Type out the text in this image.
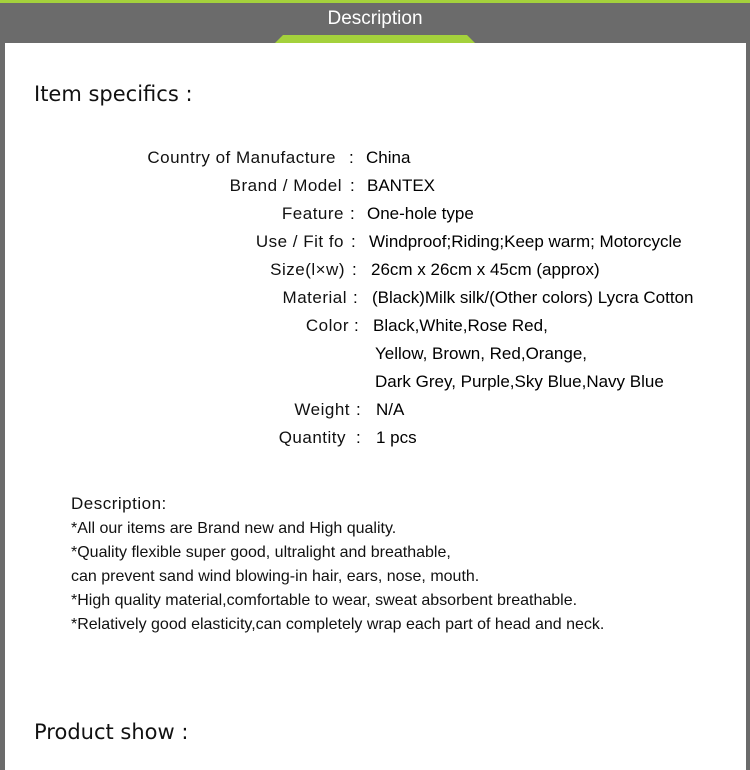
Description
Item specifics :
Country of Manufacture : China
Brand / Model : BANTEX
Feature : One-hole type
Use / Fit fo : Windproof;Riding;Keep warm; Motorcycle
Size(l×w) : 26cm x 26cm x 45cm (approx)
Material : (Black)Milk silk/(Other colors) Lycra Cotton
Color : Black,White,Rose Red,
Yellow, Brown, Red,Orange,
Dark Grey, Purple,Sky Blue,Navy Blue
Weight : N/A
Quantity : 1 pcs
Description:
*All our items are Brand new and High quality.
*Quality flexible super good, ultralight and breathable,
can prevent sand wind blowing-in hair, ears, nose, mouth.
*High quality material,comfortable to wear, sweat absorbent breathable.
*Relatively good elasticity,can completely wrap each part of head and neck.
Product show :
